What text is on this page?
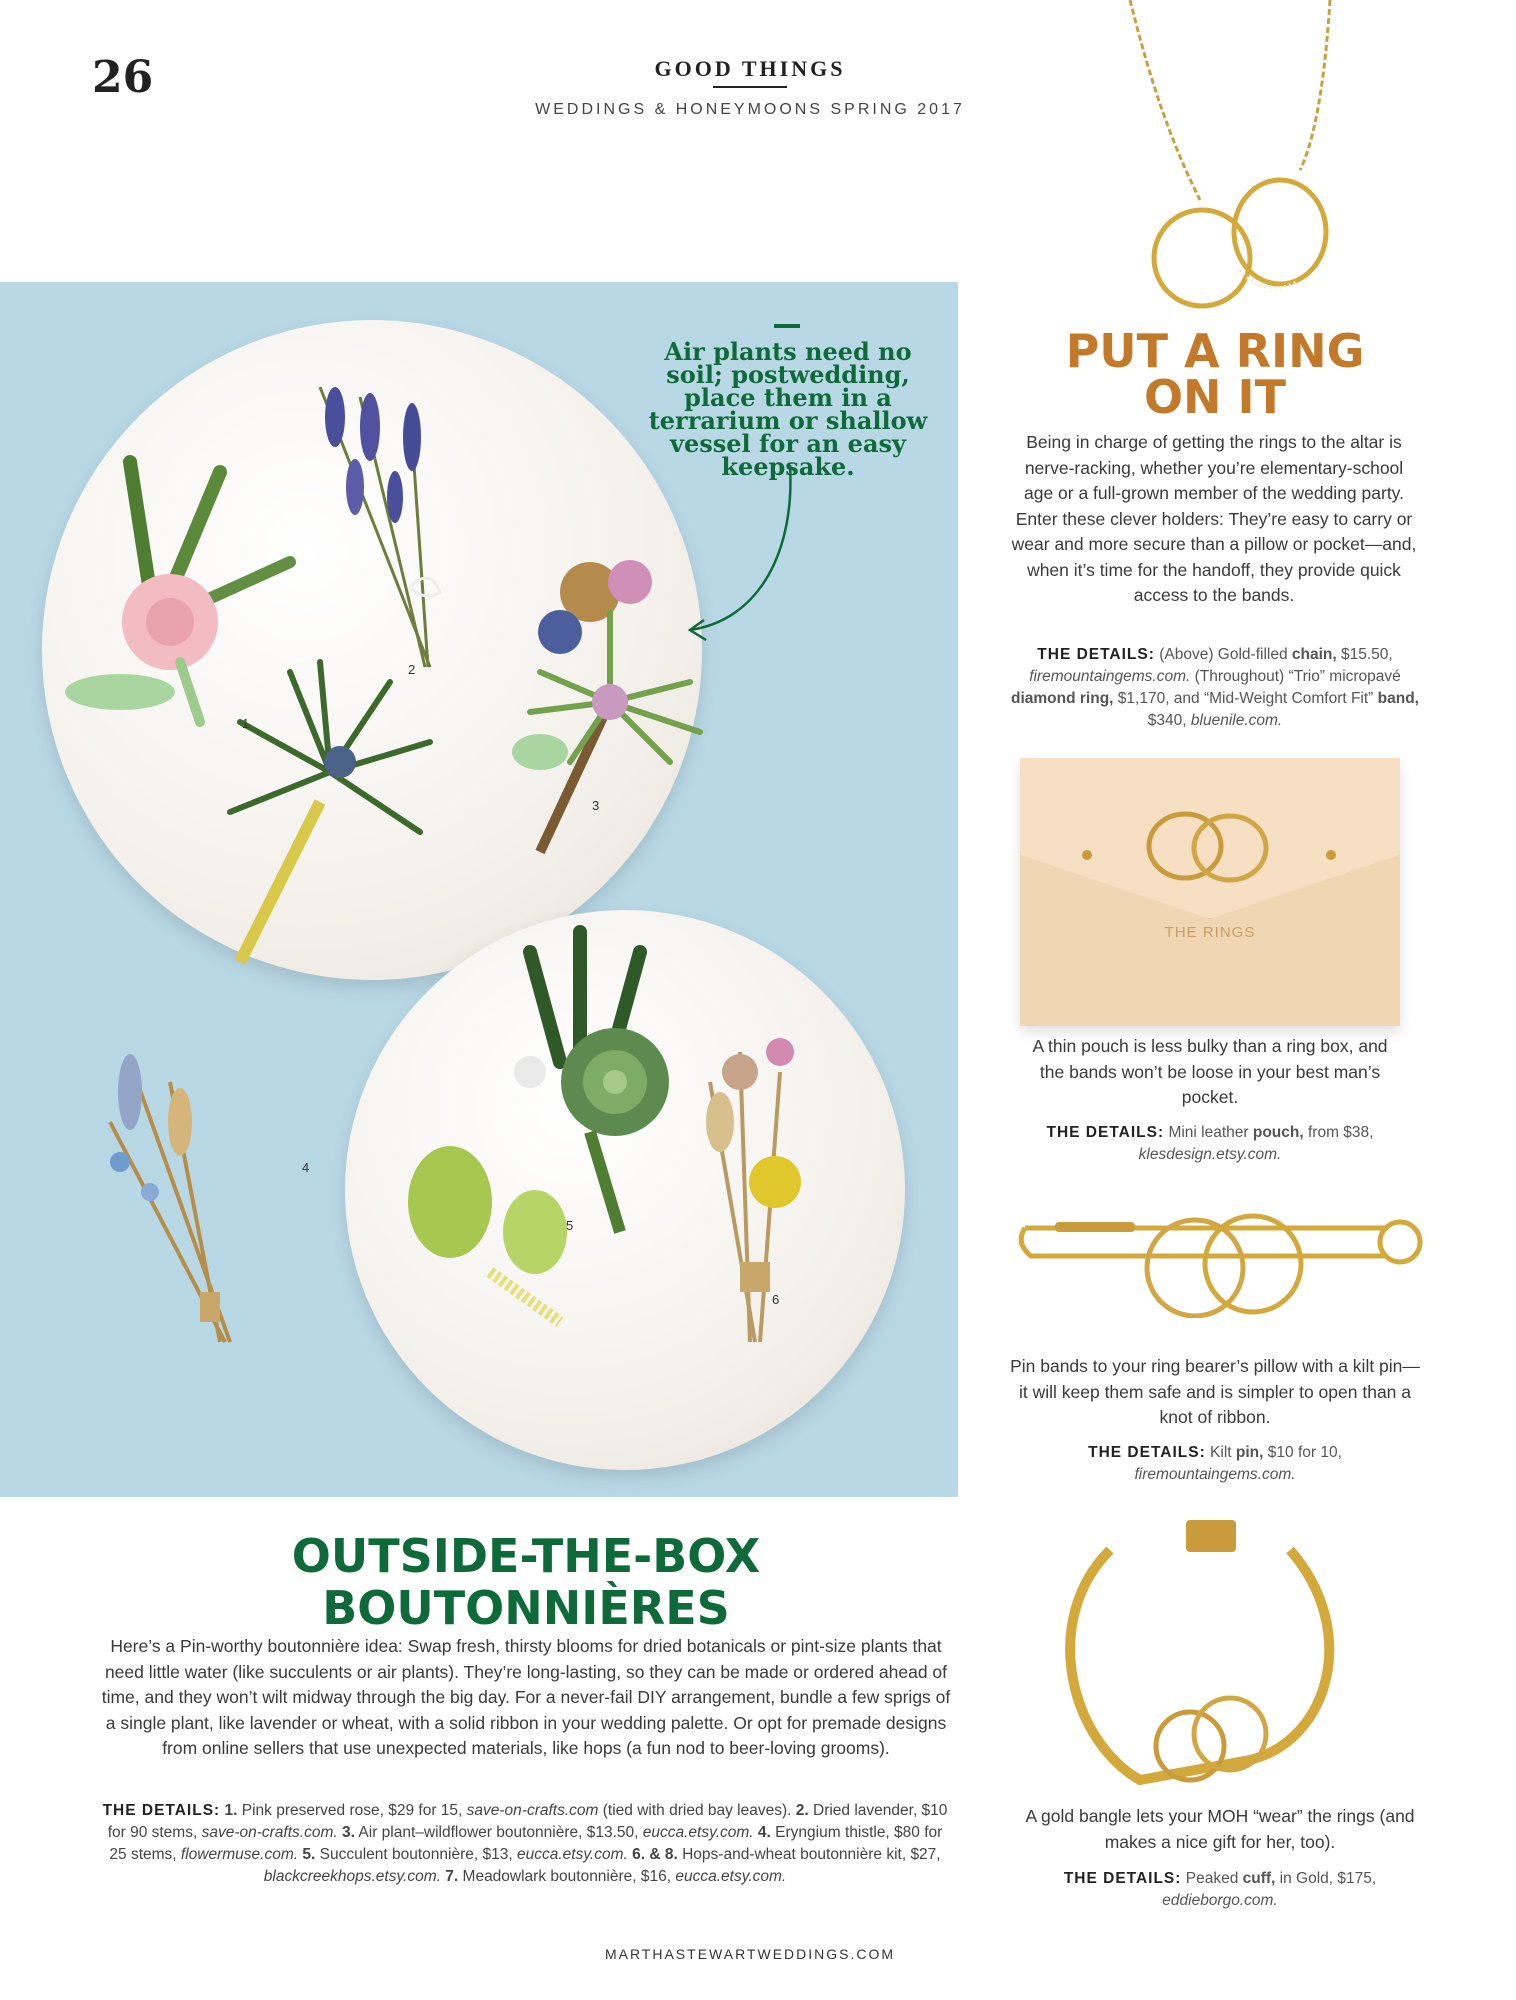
26	GOOD THINGS
WEDDINGS & HONEYMOONS SPRING 2017
1
2
3
4
5
6
Air plants need no soil; postwedding, place them in a terrarium or shallow vessel for an easy keepsake.
OUTSIDE-THE-BOX
BOUTONNIÈRES
Here’s a Pin-worthy boutonnière idea: Swap fresh, thirsty blooms for dried botanicals or pint-size plants that need little water (like succulents or air plants). They’re long-lasting, so they can be made or ordered ahead of time, and they won’t wilt midway through the big day. For a never-fail DIY arrangement, bundle a few sprigs of a single plant, like lavender or wheat, with a solid ribbon in your wedding palette. Or opt for premade designs from online sellers that use unexpected materials, like hops (a fun nod to beer-loving grooms).
THE DETAILS: 1. Pink preserved rose, $29 for 15, save-on-crafts.com (tied with dried bay leaves). 2. Dried lavender, $10 for 90 stems, save-on-crafts.com. 3. Air plant–wildflower boutonnière, $13.50, eucca.etsy.com. 4. Eryngium thistle, $80 for 25 stems, flowermuse.com. 5. Succulent boutonnière, $13, eucca.etsy.com. 6. & 8. Hops-and-wheat boutonnière kit, $27, blackcreekhops.etsy.com. 7. Meadowlark boutonnière, $16, eucca.etsy.com.
PUT A RING
ON IT
Being in charge of getting the rings to the altar is nerve-racking, whether you’re elementary-school age or a full-grown member of the wedding party. Enter these clever holders: They’re easy to carry or wear and more secure than a pillow or pocket—and, when it’s time for the handoff, they provide quick access to the bands.
THE DETAILS: (Above) Gold-filled chain, $15.50, firemountaingems.com. (Throughout) “Trio” micropavé diamond ring, $1,170, and “Mid-Weight Comfort Fit” band, $340, bluenile.com.
THE RINGS
A thin pouch is less bulky than a ring box, and the bands won’t be loose in your best man’s pocket.
THE DETAILS: Mini leather pouch, from $38, klesdesign.etsy.com.
Pin bands to your ring bearer’s pillow with a kilt pin—it will keep them safe and is simpler to open than a knot of ribbon.
THE DETAILS: Kilt pin, $10 for 10, firemountaingems.com.
A gold bangle lets your MOH “wear” the rings (and makes a nice gift for her, too).
THE DETAILS: Peaked cuff, in Gold, $175, eddieborgo.com.
MARTHASTEWARTWEDDINGS.COM
